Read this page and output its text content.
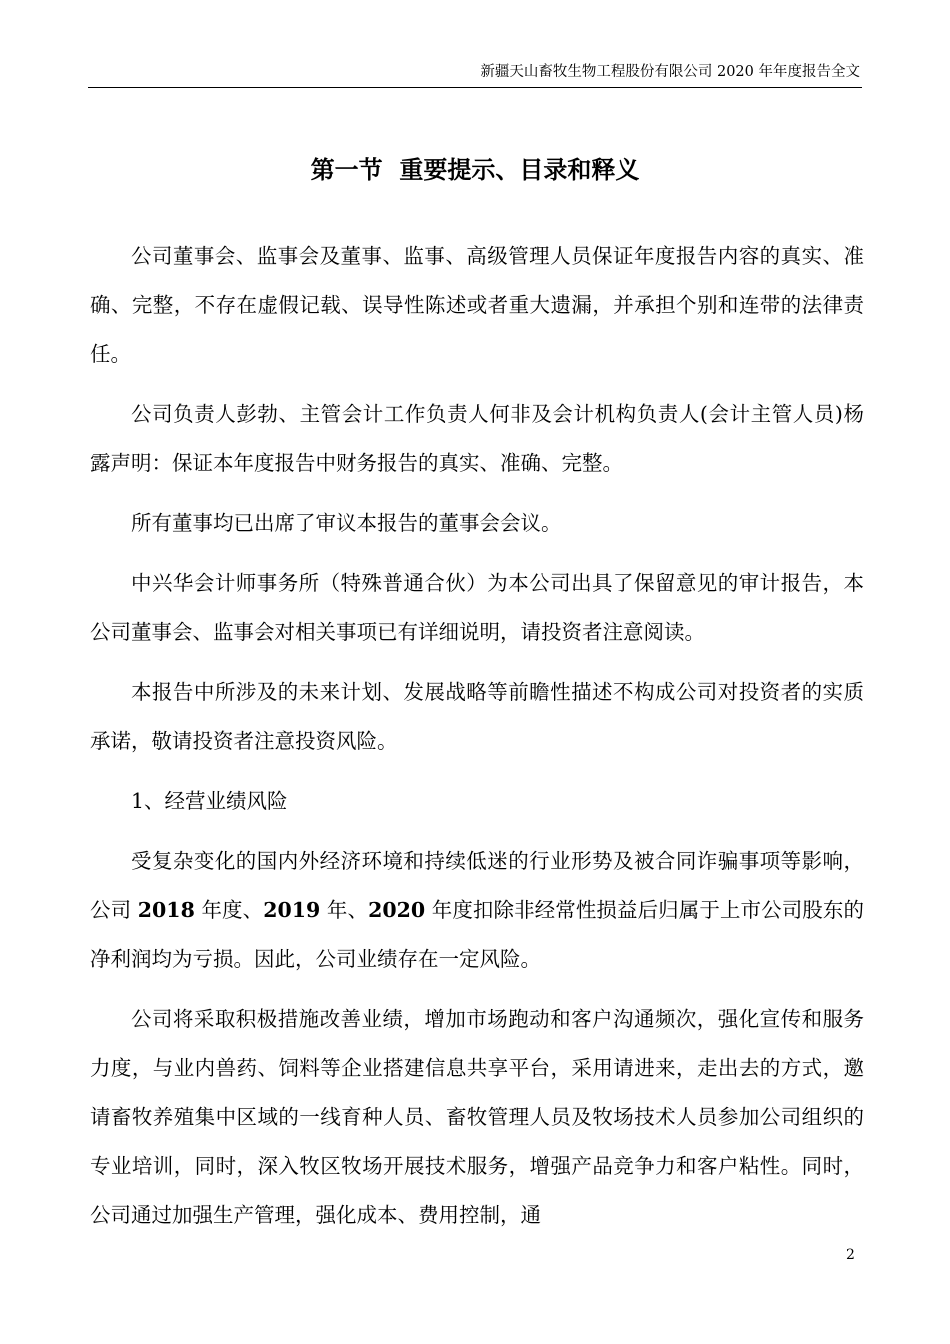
新疆天山畜牧生物工程股份有限公司 2020 年年度报告全文
第一节  重要提示、目录和释义

公司董事会、监事会及董事、监事、高级管理人员保证年度报告内容的真实、准确、完整，不存在虚假记载、误导性陈述或者重大遗漏，并承担个别和连带的法律责任。

公司负责人彭勃、主管会计工作负责人何非及会计机构负责人(会计主管人员)杨露声明：保证本年度报告中财务报告的真实、准确、完整。

所有董事均已出席了审议本报告的董事会会议。

中兴华会计师事务所（特殊普通合伙）为本公司出具了保留意见的审计报告，本公司董事会、监事会对相关事项已有详细说明，请投资者注意阅读。

本报告中所涉及的未来计划、发展战略等前瞻性描述不构成公司对投资者的实质承诺，敬请投资者注意投资风险。

1、经营业绩风险

受复杂变化的国内外经济环境和持续低迷的行业形势及被合同诈骗事项等影响，公司 2018 年度、2019 年、2020 年度扣除非经常性损益后归属于上市公司股东的净利润均为亏损。因此，公司业绩存在一定风险。

公司将采取积极措施改善业绩，增加市场跑动和客户沟通频次，强化宣传和服务力度，与业内兽药、饲料等企业搭建信息共享平台，采用请进来，走出去的方式，邀请畜牧养殖集中区域的一线育种人员、畜牧管理人员及牧场技术人员参加公司组织的专业培训，同时，深入牧区牧场开展技术服务，增强产品竞争力和客户粘性。同时，公司通过加强生产管理，强化成本、费用控制，通

2
